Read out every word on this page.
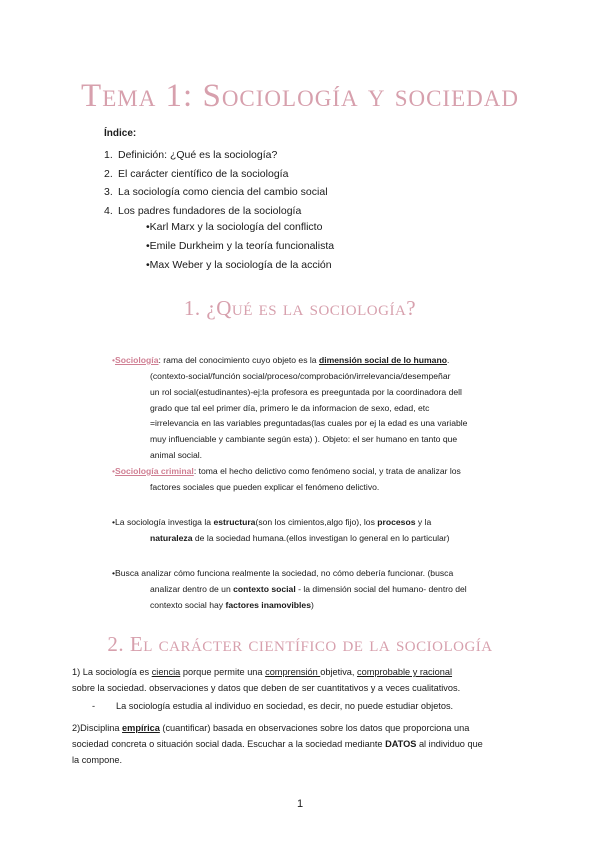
Tema 1: Sociología y sociedad
Índice:
1. Definición: ¿Qué es la sociología?
2. El carácter científico de la sociología
3. La sociología como ciencia del cambio social
4. Los padres fundadores de la sociología
•Karl Marx y la sociología del conflicto
•Emile Durkheim y la teoría funcionalista
•Max Weber y la sociología de la acción
1. ¿Qué es la sociología?
•Sociología: rama del conocimiento cuyo objeto es la dimensión social de lo humano.
(contexto-social/función social/proceso/comprobación/irrelevancia/desempeñar
un rol social(estudinantes)-ej:la profesora es preeguntada por la coordinadora dell
grado que tal eel primer día, primero le da informacion de sexo, edad, etc
=irrelevancia en las variables preguntadas(las cuales por ej la edad es una variable
muy influenciable y cambiante según esta) ). Objeto: el ser humano en tanto que
animal social.
•Sociología criminal: toma el hecho delictivo como fenómeno social, y trata de analizar los
factores sociales que pueden explicar el fenómeno delictivo.
•La sociología investiga la estructura(son los cimientos,algo fijo), los procesos y la
naturaleza de la sociedad humana.(ellos investigan lo general en lo particular)
•Busca analizar cómo funciona realmente la sociedad, no cómo debería funcionar. (busca
analizar dentro de un contexto social - la dimensión social del humano- dentro del
contexto social hay factores inamovibles)
2. El carácter científico de la sociología
1) La sociología es ciencia porque permite una comprensión objetiva, comprobable y racional
sobre la sociedad. observaciones y datos que deben de ser cuantitativos y a veces cualitativos.
- La sociología estudia al individuo en sociedad, es decir, no puede estudiar objetos.
2)Disciplina empírica (cuantificar) basada en observaciones sobre los datos que proporciona una
sociedad concreta o situación social dada. Escuchar a la sociedad mediante DATOS al individuo que
la compone.
1
